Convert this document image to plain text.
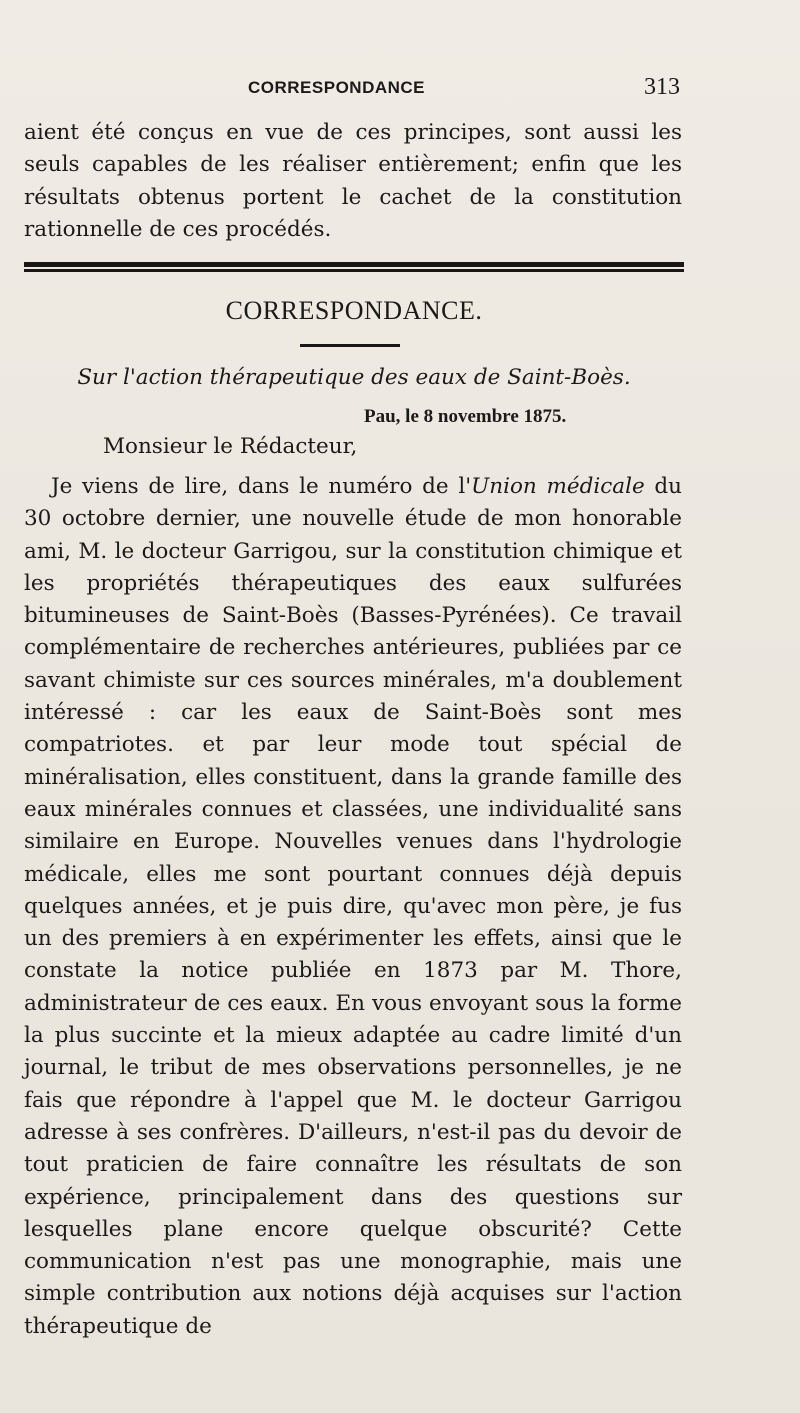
CORRESPONDANCE	313

aient été conçus en vue de ces principes, sont aussi les seuls capables de les réaliser entièrement; enfin que les résultats obtenus portent le cachet de la constitution rationnelle de ces procédés.

CORRESPONDANCE.
Sur l'action thérapeutique des eaux de Saint-Boès.
Pau, le 8 novembre 1875.
Monsieur le Rédacteur,

Je viens de lire, dans le numéro de l'Union médicale du 30 octobre dernier, une nouvelle étude de mon honorable ami, M. le docteur Garrigou, sur la constitution chimique et les propriétés thérapeutiques des eaux sulfurées bitumineuses de Saint-Boès (Basses-Pyrénées). Ce travail complémentaire de recherches antérieures, publiées par ce savant chimiste sur ces sources minérales, m'a doublement intéressé : car les eaux de Saint-Boès sont mes compatriotes. et par leur mode tout spécial de minéralisation, elles constituent, dans la grande famille des eaux minérales connues et classées, une individualité sans similaire en Europe. Nouvelles venues dans l'hydrologie médicale, elles me sont pourtant connues déjà depuis quelques années, et je puis dire, qu'avec mon père, je fus un des premiers à en expérimenter les effets, ainsi que le constate la notice publiée en 1873 par M. Thore, administrateur de ces eaux. En vous envoyant sous la forme la plus succinte et la mieux adaptée au cadre limité d'un journal, le tribut de mes observations personnelles, je ne fais que répondre à l'appel que M. le docteur Garrigou adresse à ses confrères. D'ailleurs, n'est-il pas du devoir de tout praticien de faire connaître les résultats de son expérience, principalement dans des questions sur lesquelles plane encore quelque obscurité? Cette communication n'est pas une monographie, mais une simple contribution aux notions déjà acquises sur l'action thérapeutique de
